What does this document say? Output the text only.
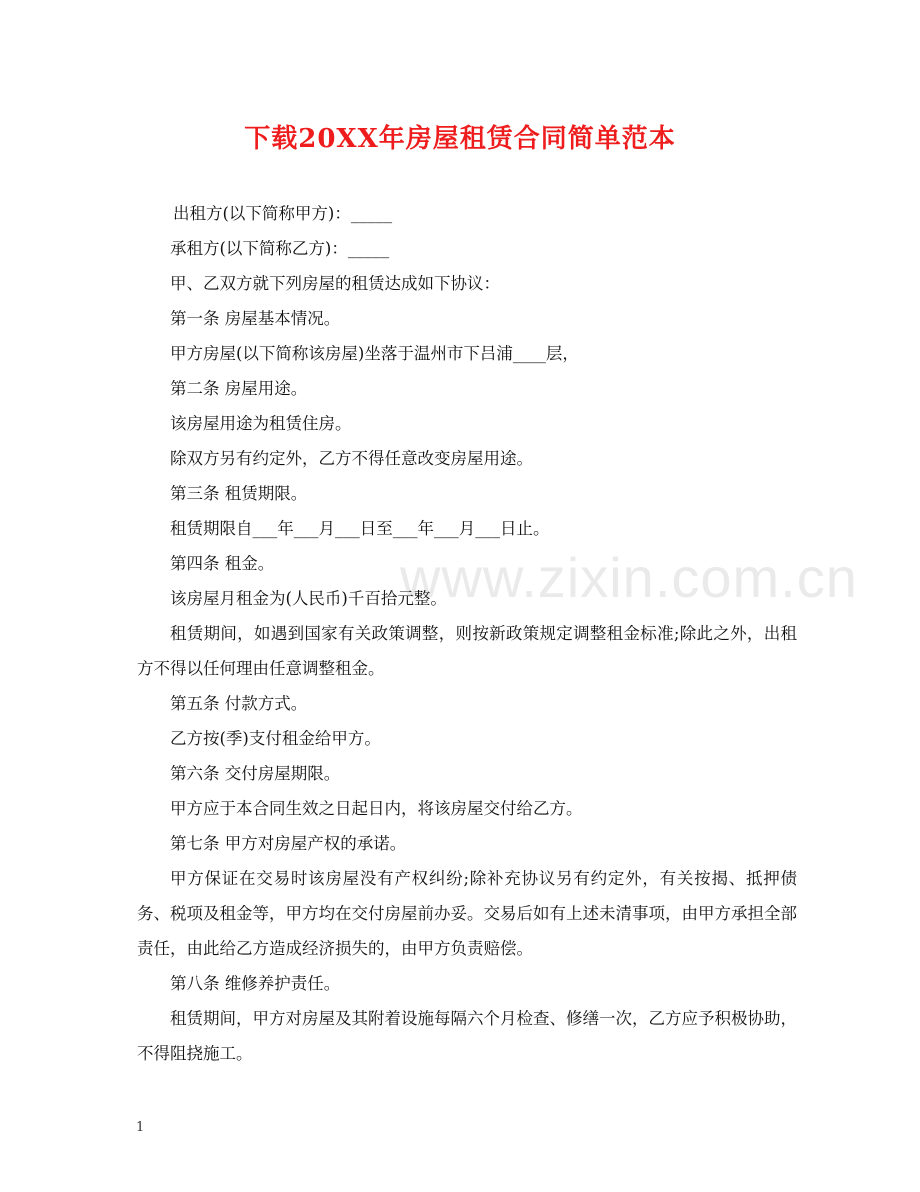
下载20XX年房屋租赁合同简单范本

出租方(以下简称甲方)：_____

承租方(以下简称乙方)：_____

甲、乙双方就下列房屋的租赁达成如下协议：

第一条 房屋基本情况。

甲方房屋(以下简称该房屋)坐落于温州市下吕浦____层，

第二条 房屋用途。

该房屋用途为租赁住房。

除双方另有约定外，乙方不得任意改变房屋用途。

第三条 租赁期限。

租赁期限自___年___月___日至___年___月___日止。

第四条 租金。

该房屋月租金为(人民币)千百拾元整。

租赁期间，如遇到国家有关政策调整，则按新政策规定调整租金标准;除此之外，出租方不得以任何理由任意调整租金。

第五条 付款方式。

乙方按(季)支付租金给甲方。

第六条 交付房屋期限。

甲方应于本合同生效之日起日内，将该房屋交付给乙方。

第七条 甲方对房屋产权的承诺。

甲方保证在交易时该房屋没有产权纠纷;除补充协议另有约定外，有关按揭、抵押债务、税项及租金等，甲方均在交付房屋前办妥。交易后如有上述未清事项，由甲方承担全部责任，由此给乙方造成经济损失的，由甲方负责赔偿。

第八条 维修养护责任。

租赁期间，甲方对房屋及其附着设施每隔六个月检查、修缮一次，乙方应予积极协助，不得阻挠施工。

www.zixin.com.cn
1
